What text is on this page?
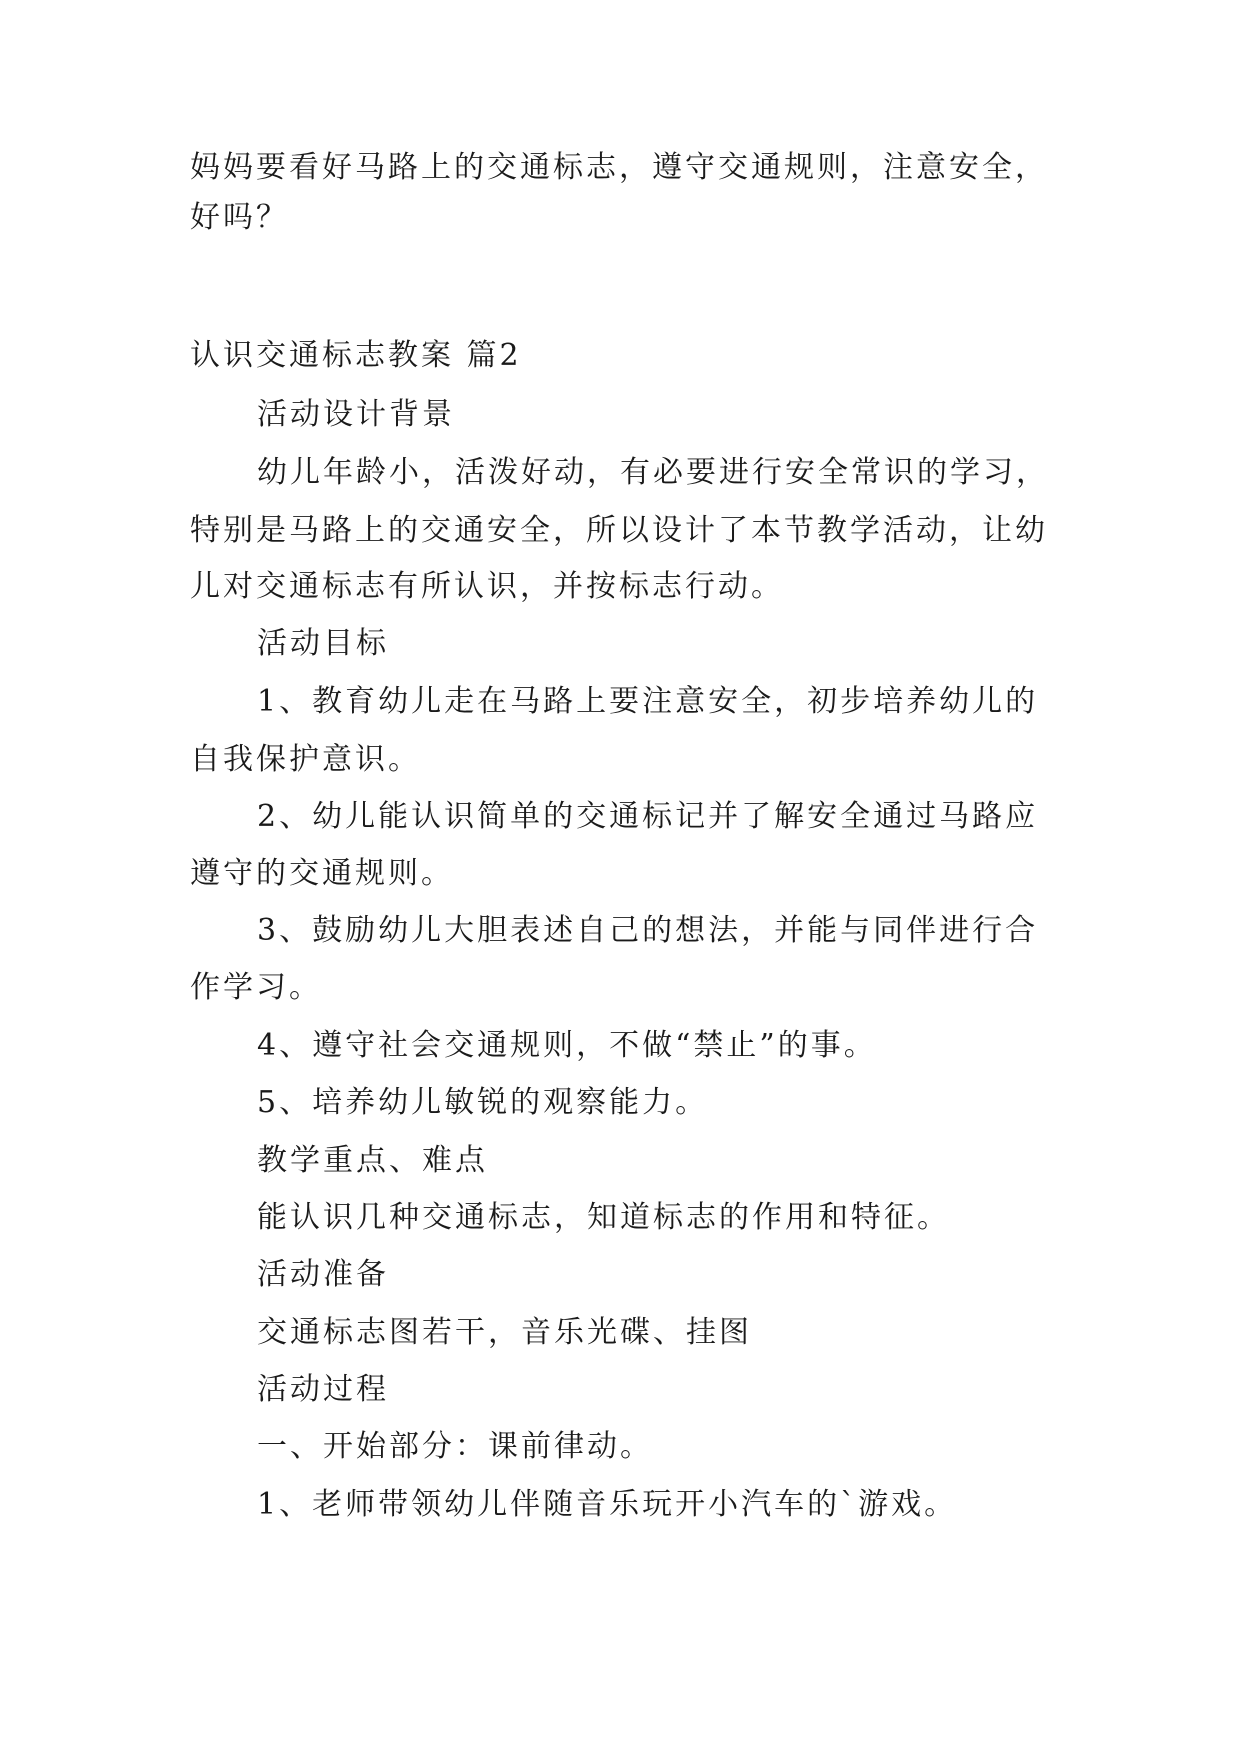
妈妈要看好马路上的交通标志，遵守交通规则，注意安全，
好吗？
认识交通标志教案 篇2
活动设计背景
幼儿年龄小，活泼好动，有必要进行安全常识的学习，
特别是马路上的交通安全，所以设计了本节教学活动，让幼
儿对交通标志有所认识，并按标志行动。
活动目标
1、教育幼儿走在马路上要注意安全，初步培养幼儿的
自我保护意识。
2、幼儿能认识简单的交通标记并了解安全通过马路应
遵守的交通规则。
3、鼓励幼儿大胆表述自己的想法，并能与同伴进行合
作学习。
4、遵守社会交通规则，不做“禁止”的事。
5、培养幼儿敏锐的观察能力。
教学重点、难点
能认识几种交通标志，知道标志的作用和特征。
活动准备
交通标志图若干，音乐光碟、挂图
活动过程
一、开始部分：课前律动。
1、老师带领幼儿伴随音乐玩开小汽车的`游戏。
